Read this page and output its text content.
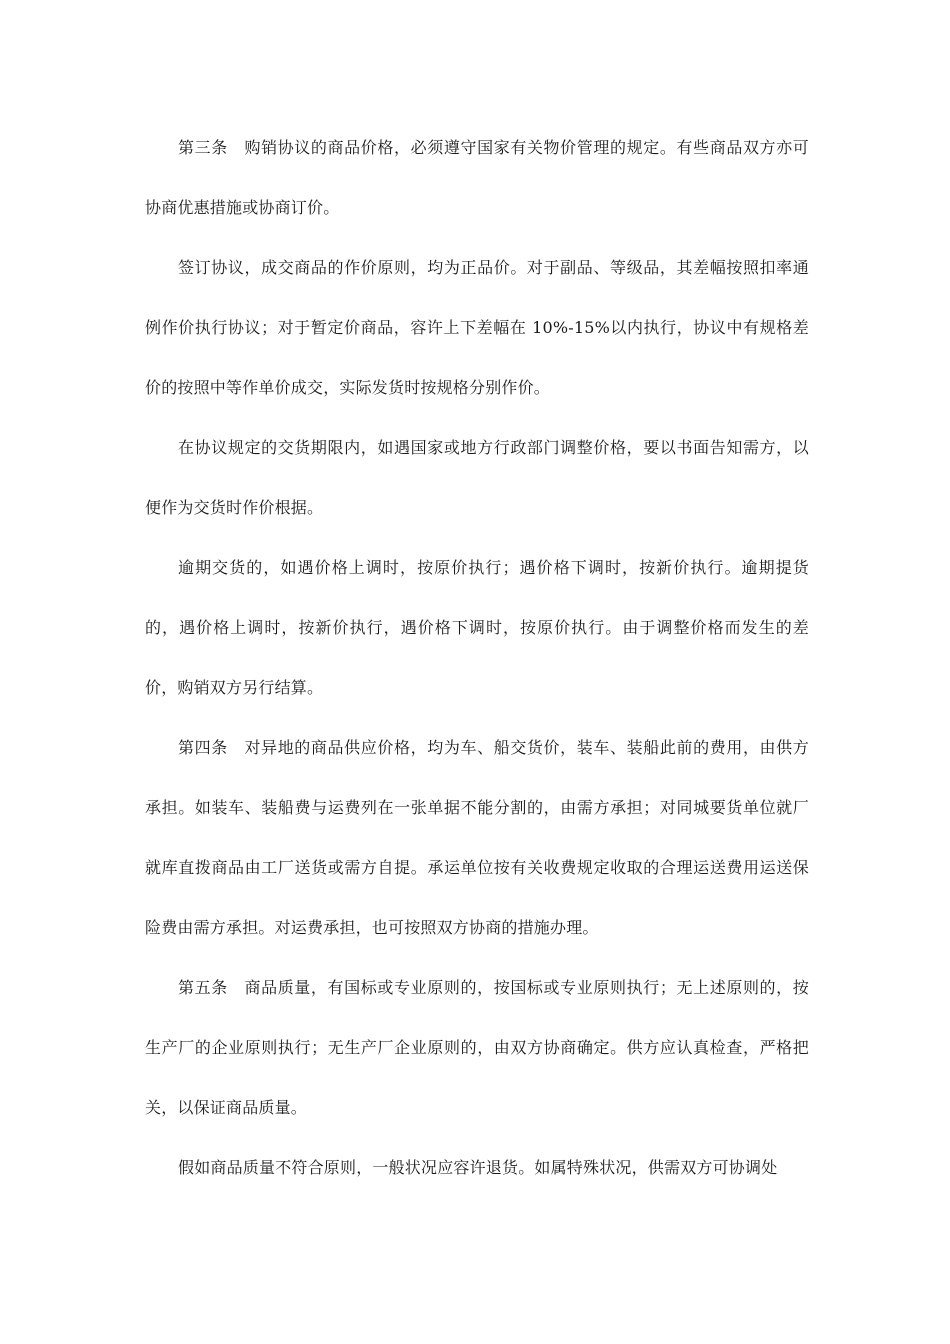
第三条　购销协议的商品价格，必须遵守国家有关物价管理的规定。有些商品双方亦可协商优惠措施或协商订价。

签订协议，成交商品的作价原则，均为正品价。对于副品、等级品，其差幅按照扣率通例作价执行协议；对于暂定价商品，容许上下差幅在 10%-15%以内执行，协议中有规格差价的按照中等作单价成交，实际发货时按规格分别作价。

在协议规定的交货期限内，如遇国家或地方行政部门调整价格，要以书面告知需方，以便作为交货时作价根据。

逾期交货的，如遇价格上调时，按原价执行；遇价格下调时，按新价执行。逾期提货的，遇价格上调时，按新价执行，遇价格下调时，按原价执行。由于调整价格而发生的差价，购销双方另行结算。

第四条　对异地的商品供应价格，均为车、船交货价，装车、装船此前的费用，由供方承担。如装车、装船费与运费列在一张单据不能分割的，由需方承担；对同城要货单位就厂就库直拨商品由工厂送货或需方自提。承运单位按有关收费规定收取的合理运送费用运送保险费由需方承担。对运费承担，也可按照双方协商的措施办理。

第五条　商品质量，有国标或专业原则的，按国标或专业原则执行；无上述原则的，按生产厂的企业原则执行；无生产厂企业原则的，由双方协商确定。供方应认真检查，严格把关，以保证商品质量。

假如商品质量不符合原则，一般状况应容许退货。如属特殊状况，供需双方可协调处
